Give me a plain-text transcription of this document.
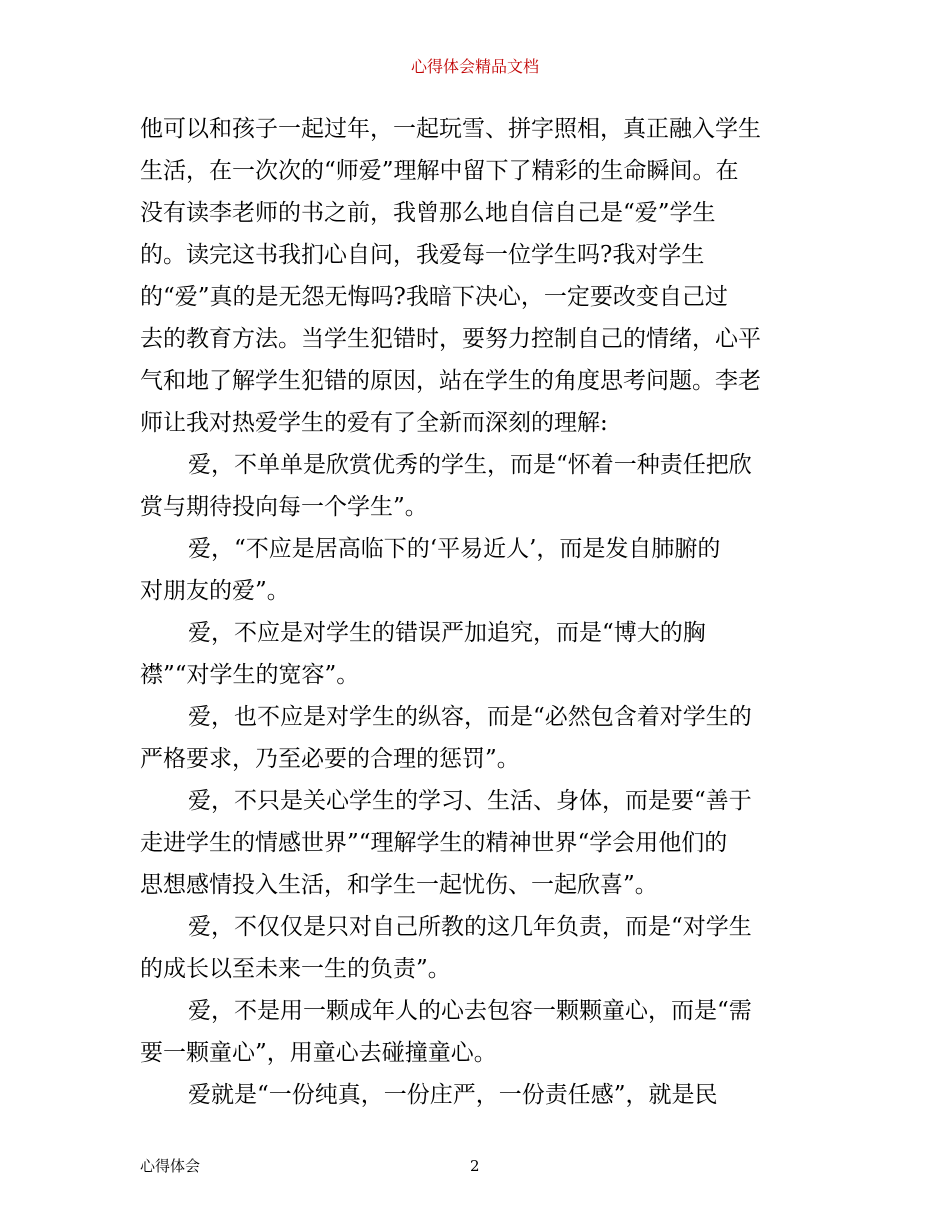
心得体会精品文档
他可以和孩子一起过年，一起玩雪、拼字照相，真正融入学生
生活，在一次次的“师爱”理解中留下了精彩的生命瞬间。在
没有读李老师的书之前，我曾那么地自信自己是“爱”学生
的。读完这书我扪心自问，我爱每一位学生吗?我对学生
的“爱”真的是无怨无悔吗?我暗下决心，一定要改变自己过
去的教育方法。当学生犯错时，要努力控制自己的情绪，心平
气和地了解学生犯错的原因，站在学生的角度思考问题。李老
师让我对热爱学生的爱有了全新而深刻的理解:
爱，不单单是欣赏优秀的学生，而是“怀着一种责任把欣
赏与期待投向每一个学生”。
爱，“不应是居高临下的‘平易近人’，而是发自肺腑的
对朋友的爱”。
爱，不应是对学生的错误严加追究，而是“博大的胸
襟”“对学生的宽容”。
爱，也不应是对学生的纵容，而是“必然包含着对学生的
严格要求，乃至必要的合理的惩罚”。
爱，不只是关心学生的学习、生活、身体，而是要“善于
走进学生的情感世界”“理解学生的精神世界“学会用他们的
思想感情投入生活，和学生一起忧伤、一起欣喜”。
爱，不仅仅是只对自己所教的这几年负责，而是“对学生
的成长以至未来一生的负责”。
爱，不是用一颗成年人的心去包容一颗颗童心，而是“需
要一颗童心”，用童心去碰撞童心。
爱就是“一份纯真，一份庄严，一份责任感”，就是民
心得体会	2
